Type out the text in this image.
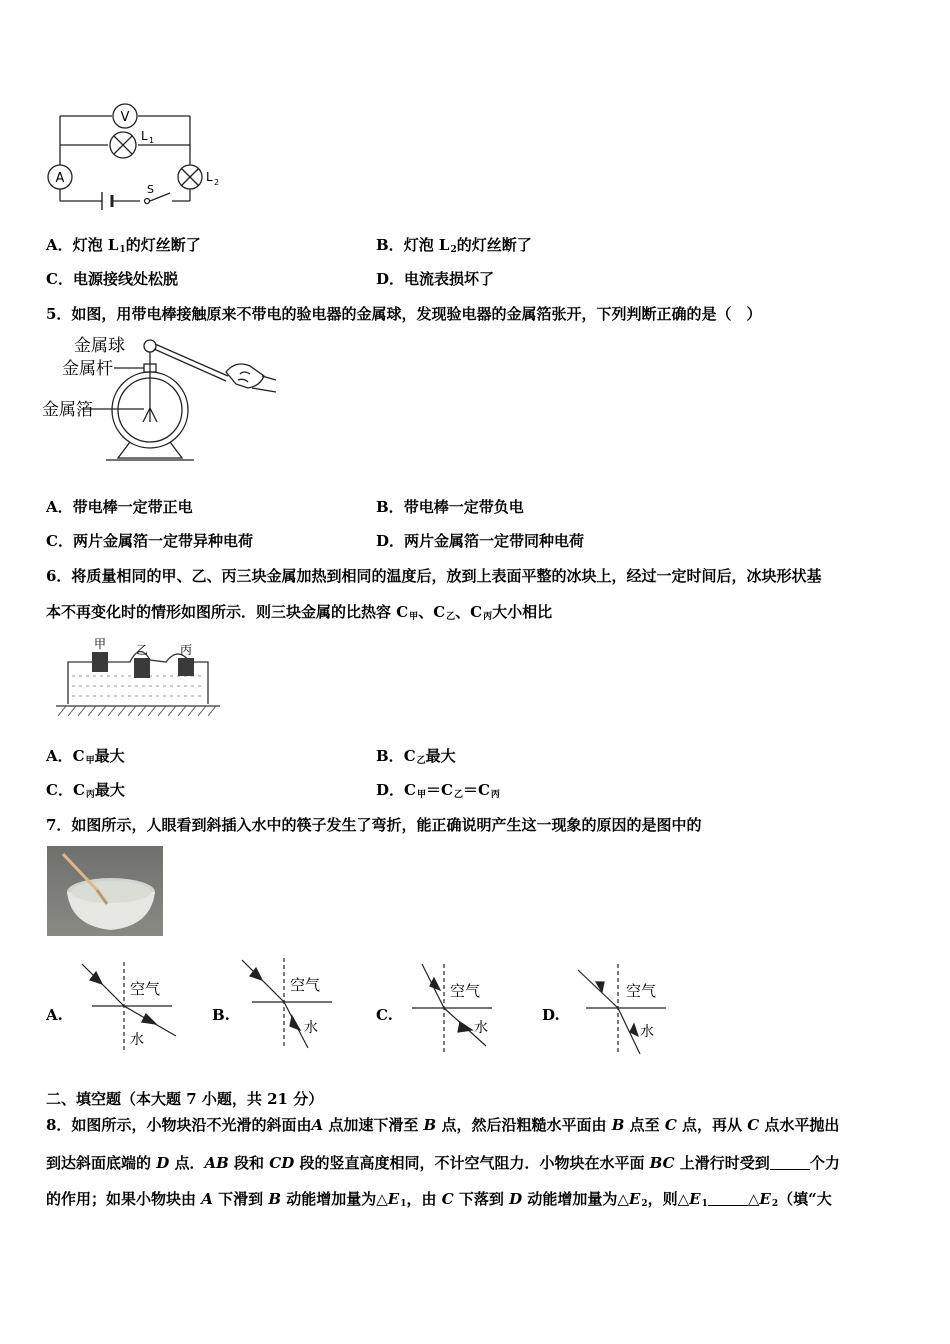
V
A
L 1
L 2
S
A．灯泡 $L_1$的灯丝断了	B．灯泡 $L_2$的灯丝断了
C．电源接线处松脱	D．电流表损坏了
5．如图，用带电棒接触原来不带电的验电器的金属球，发现验电器的金属箔张开，下列判断正确的是（　）
金属球
金属杆
金属箔
A．带电棒一定带正电	B．带电棒一定带负电
C．两片金属箔一定带异种电荷	D．两片金属箔一定带同种电荷
6．将质量相同的甲、乙、丙三块金属加热到相同的温度后，放到上表面平整的冰块上，经过一定时间后，冰块形状基
本不再变化时的情形如图所示．则三块金属的比热容 $C_甲$、$C_乙$、$C_丙$大小相比
甲 乙	丙
A．$C_甲$最大	B．$C_乙$最大
C．$C_丙$最大	D．$C_甲=C_乙=C_丙$
7．如图所示，人眼看到斜插入水中的筷子发生了弯折，能正确说明产生这一现象的原因的是图中的
A.
空气
水
B.
空气
水
C.
空气
水
D.
空气
水
二、填空题（本大题 7 小题，共 21 分）
8．如图所示，小物块沿不光滑的斜面由A 点加速下滑至 B 点，然后沿粗糙水平面由 B 点至 C 点，再从 C 点水平抛出
到达斜面底端的 D 点．AB 段和 CD 段的竖直高度相同，不计空气阻力．小物块在水平面 BC 上滑行时受到	个力
的作用；如果小物块由 A 下滑到 B 动能增加量为$\triangle E_1$，由 C 下落到 D 动能增加量为$\triangle E_2$，则$\triangle E_1$	$\triangle E_2$（填“大
